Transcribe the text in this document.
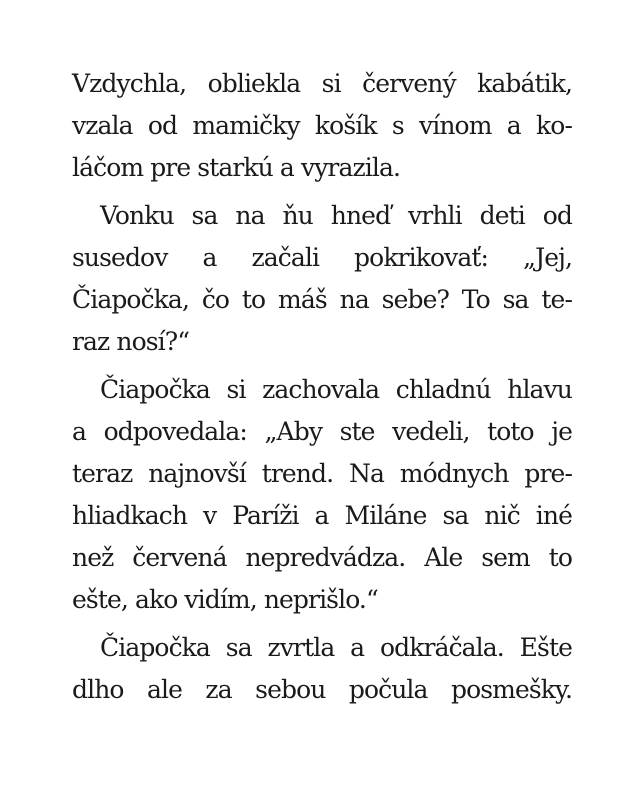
Vzdychla, obliekla si červený kabátik,
vzala od mamičky košík s vínom a ko-
láčom pre starkú a vyrazila.
Vonku sa na ňu hneď vrhli deti od
susedov a začali pokrikovať: „Jej,
Čiapočka, čo to máš na sebe? To sa te-
raz nosí?“
Čiapočka si zachovala chladnú hlavu
a odpovedala: „Aby ste vedeli, toto je
teraz najnovší trend. Na módnych pre-
hliadkach v Paríži a Miláne sa nič iné
než červená nepredvádza. Ale sem to
ešte, ako vidím, neprišlo.“
Čiapočka sa zvrtla a odkráčala. Ešte
dlho ale za sebou počula posmešky.
